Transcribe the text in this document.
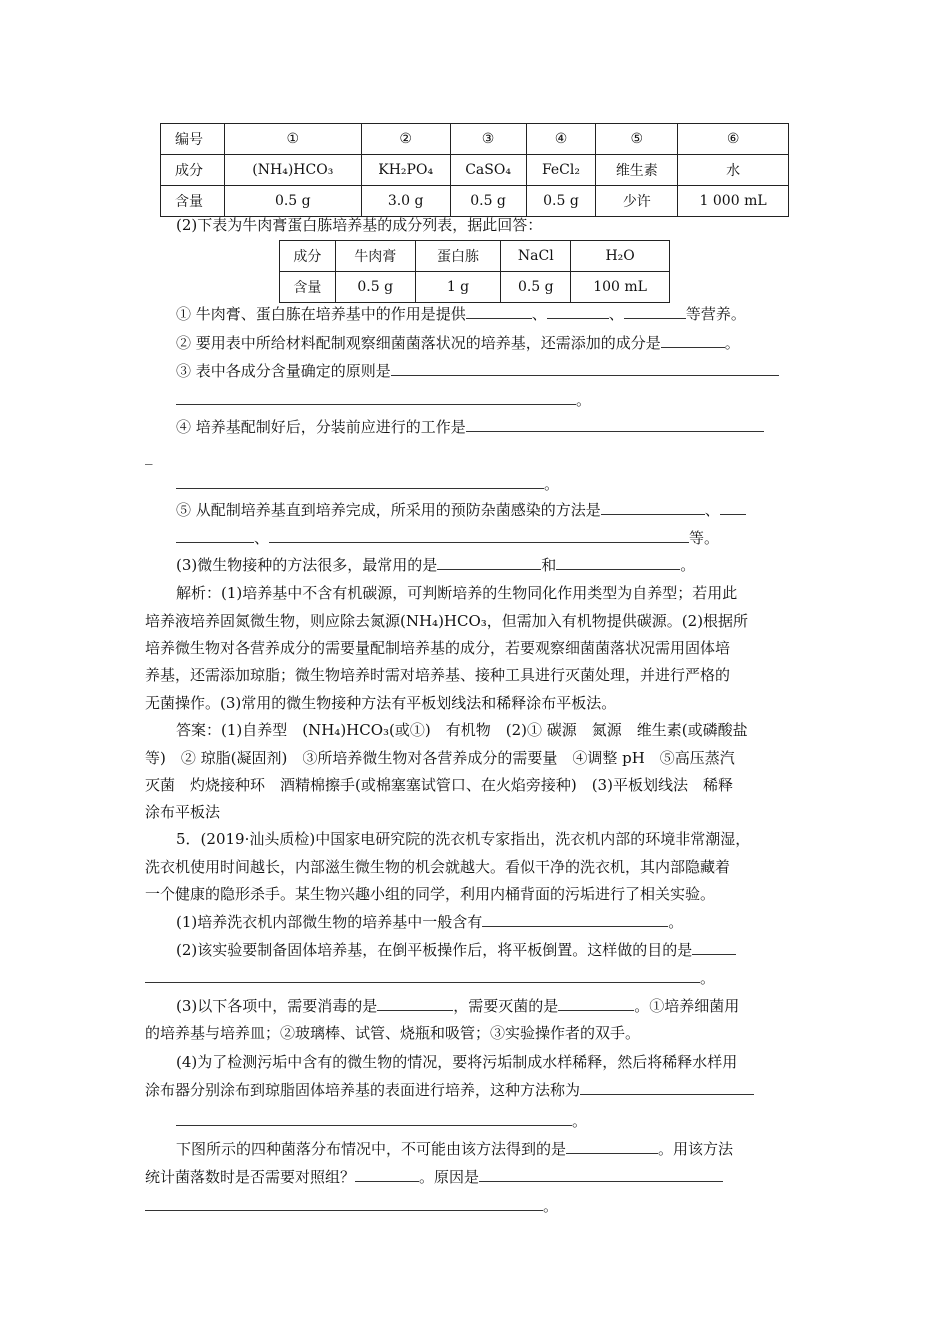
编号	①	②	③	④	⑤	⑥
成分	(NH₄)HCO₃	KH₂PO₄	CaSO₄	FeCl₂	维生素	水
含量	0.5 g	3.0 g	0.5 g	0.5 g	少许	1 000 mL
(2)下表为牛肉膏蛋白胨培养基的成分列表，据此回答：
成分	牛肉膏	蛋白胨	NaCl	H₂O
含量	0.5 g	1 g	0.5 g	100 mL
① 牛肉膏、蛋白胨在培养基中的作用是提供	、	、	等营养。
② 要用表中所给材料配制观察细菌菌落状况的培养基，还需添加的成分是	。
③ 表中各成分含量确定的原则是
。
④ 培养基配制好后，分装前应进行的工作是
_
。
⑤ 从配制培养基直到培养完成，所采用的预防杂菌感染的方法是	、
、	等。
(3)微生物接种的方法很多，最常用的是	和	。
解析：(1)培养基中不含有机碳源，可判断培养的生物同化作用类型为自养型；若用此
培养液培养固氮微生物，则应除去氮源(NH₄)HCO₃，但需加入有机物提供碳源。(2)根据所
培养微生物对各营养成分的需要量配制培养基的成分，若要观察细菌菌落状况需用固体培
养基，还需添加琼脂；微生物培养时需对培养基、接种工具进行灭菌处理，并进行严格的
无菌操作。(3)常用的微生物接种方法有平板划线法和稀释涂布平板法。
答案：(1)自养型　(NH₄)HCO₃(或①)　有机物　(2)① 碳源　氮源　维生素(或磷酸盐
等)　② 琼脂(凝固剂)　③所培养微生物对各营养成分的需要量　④调整 pH　⑤高压蒸汽
灭菌　灼烧接种环　酒精棉擦手(或棉塞塞试管口、在火焰旁接种)　(3)平板划线法　稀释
涂布平板法
5．(2019·汕头质检)中国家电研究院的洗衣机专家指出，洗衣机内部的环境非常潮湿，
洗衣机使用时间越长，内部滋生微生物的机会就越大。看似干净的洗衣机，其内部隐藏着
一个健康的隐形杀手。某生物兴趣小组的同学，利用内桶背面的污垢进行了相关实验。
(1)培养洗衣机内部微生物的培养基中一般含有	。
(2)该实验要制备固体培养基，在倒平板操作后，将平板倒置。这样做的目的是
。
(3)以下各项中，需要消毒的是	，需要灭菌的是	。①培养细菌用
的培养基与培养皿；②玻璃棒、试管、烧瓶和吸管；③实验操作者的双手。
(4)为了检测污垢中含有的微生物的情况，要将污垢制成水样稀释，然后将稀释水样用
涂布器分别涂布到琼脂固体培养基的表面进行培养，这种方法称为
。
下图所示的四种菌落分布情况中，不可能由该方法得到的是	。用该方法
统计菌落数时是否需要对照组？	。原因是
。
